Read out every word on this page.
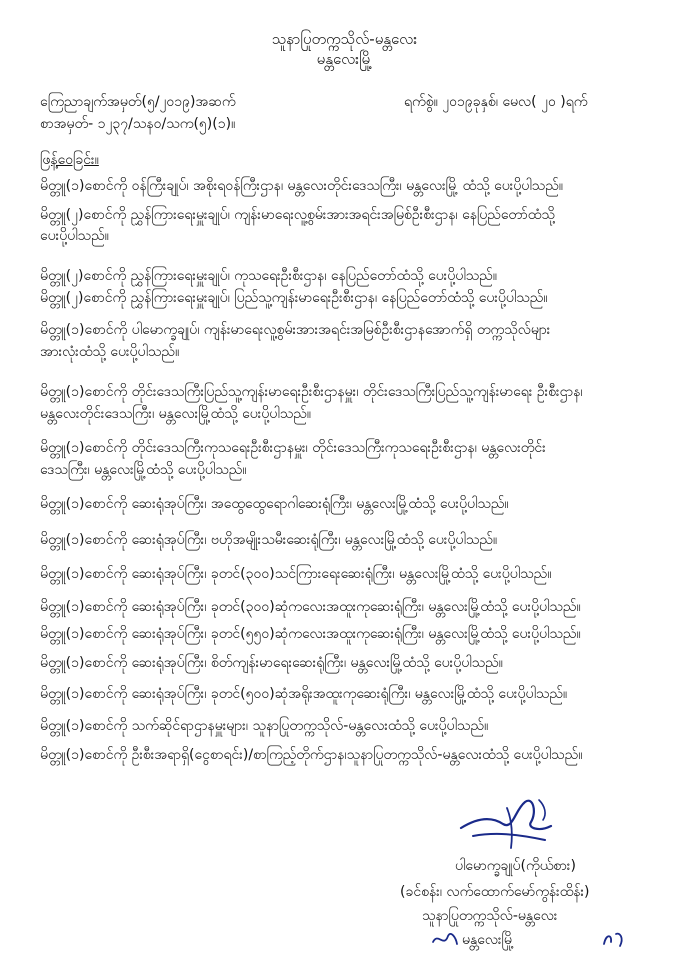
သူနာပြုတက္ကသိုလ်-မန္တလေး
မန္တလေးမြို့
ကြေညာချက်အမှတ်(၅/၂၀၁၉)အဆက်
စာအမှတ်- ၁၂၃၇/သန၀/သက(၅)(၁)။
ရက်စွဲ။ ၂၀၁၉ခုနှစ်၊ မေလ( ၂၀ )ရက်
ဖြန့်ဝေခြင်း။
မိတ္တူ(၁)စောင်ကို ဝန်ကြီးချုပ်၊ အစိုးရဝန်ကြီးဌာန၊ မန္တလေးတိုင်းဒေသကြီး၊ မန္တလေးမြို့ ထံသို့ ပေးပို့ပါသည်။
မိတ္တူ(၂)စောင်ကို ညွှန်ကြားရေးမှူးချုပ်၊ ကျန်းမာရေးလူ့စွမ်းအားအရင်းအမြစ်ဦးစီးဌာန၊ နေပြည်တော်ထံသို့
ပေးပို့ပါသည်။
မိတ္တူ(၂)စောင်ကို ညွှန်ကြားရေးမှူးချုပ်၊ ကုသရေးဦးစီးဌာန၊ နေပြည်တော်ထံသို့ ပေးပို့ပါသည်။
မိတ္တူ(၂)စောင်ကို ညွှန်ကြားရေးမှူးချုပ်၊ ပြည်သူ့ကျန်းမာရေးဦးစီးဌာန၊ နေပြည်တော်ထံသို့ ပေးပို့ပါသည်။
မိတ္တူ(၁)စောင်ကို ပါမောက္ခချုပ်၊ ကျန်းမာရေးလူ့စွမ်းအားအရင်းအမြစ်ဦးစီးဌာနအောက်ရှိ တက္ကသိုလ်များ
အားလုံးထံသို့ ပေးပို့ပါသည်။
မိတ္တူ(၁)စောင်ကို တိုင်းဒေသကြီးပြည်သူ့ကျန်းမာရေးဦးစီးဌာနမှူး၊ တိုင်းဒေသကြီးပြည်သူ့ကျန်းမာရေး ဦးစီးဌာန၊
မန္တလေးတိုင်းဒေသကြီး၊ မန္တလေးမြို့ထံသို့ ပေးပို့ပါသည်။
မိတ္တူ(၁)စောင်ကို တိုင်းဒေသကြီးကုသရေးဦးစီးဌာနမှူး၊ တိုင်းဒေသကြီးကုသရေးဦးစီးဌာန၊ မန္တလေးတိုင်း
ဒေသကြီး၊ မန္တလေးမြို့ထံသို့ ပေးပို့ပါသည်။
မိတ္တူ(၁)စောင်ကို ဆေးရုံအုပ်ကြီး၊ အထွေထွေရောဂါဆေးရုံကြီး၊ မန္တလေးမြို့ထံသို့ ပေးပို့ပါသည်။
မိတ္တူ(၁)စောင်ကို ဆေးရုံအုပ်ကြီး၊ ဗဟိုအမျိုးသမီးဆေးရုံကြီး၊ မန္တလေးမြို့ထံသို့ ပေးပို့ပါသည်။
မိတ္တူ(၁)စောင်ကို ဆေးရုံအုပ်ကြီး၊ ခုတင်(၃၀၀)သင်ကြားရေးဆေးရုံကြီး၊ မန္တလေးမြို့ထံသို့ ပေးပို့ပါသည်။
မိတ္တူ(၁)စောင်ကို ဆေးရုံအုပ်ကြီး၊ ခုတင်(၃၀၀)ဆုံကလေးအထူးကုဆေးရုံကြီး၊ မန္တလေးမြို့ထံသို့ ပေးပို့ပါသည်။
မိတ္တူ(၁)စောင်ကို ဆေးရုံအုပ်ကြီး၊ ခုတင်(၅၅၀)ဆုံကလေးအထူးကုဆေးရုံကြီး၊ မန္တလေးမြို့ထံသို့ ပေးပို့ပါသည်။
မိတ္တူ(၁)စောင်ကို ဆေးရုံအုပ်ကြီး၊ စိတ်ကျန်းမာရေးဆေးရုံကြီး၊ မန္တလေးမြို့ထံသို့ ပေးပို့ပါသည်။
မိတ္တူ(၁)စောင်ကို ဆေးရုံအုပ်ကြီး၊ ခုတင်(၅၀၀)ဆုံအရိုးအထူးကုဆေးရုံကြီး၊ မန္တလေးမြို့ထံသို့ ပေးပို့ပါသည်။
မိတ္တူ(၁)စောင်ကို သက်ဆိုင်ရာဌာနမှူးများ၊ သူနာပြုတက္ကသိုလ်-မန္တလေးထံသို့ ပေးပို့ပါသည်။
မိတ္တူ(၁)စောင်ကို ဦးစီးအရာရှိ(ငွေစာရင်း)/စာကြည့်တိုက်ဌာန၊သူနာပြုတက္ကသိုလ်-မန္တလေးထံသို့ ပေးပို့ပါသည်။
ပါမောက္ခချုပ်(ကိုယ်စား)
(ခင်စန်း၊ လက်ထောက်မော်ကွန်းထိန်း)
သူနာပြုတက္ကသိုလ်-မန္တလေး
မန္တလေးမြို့
